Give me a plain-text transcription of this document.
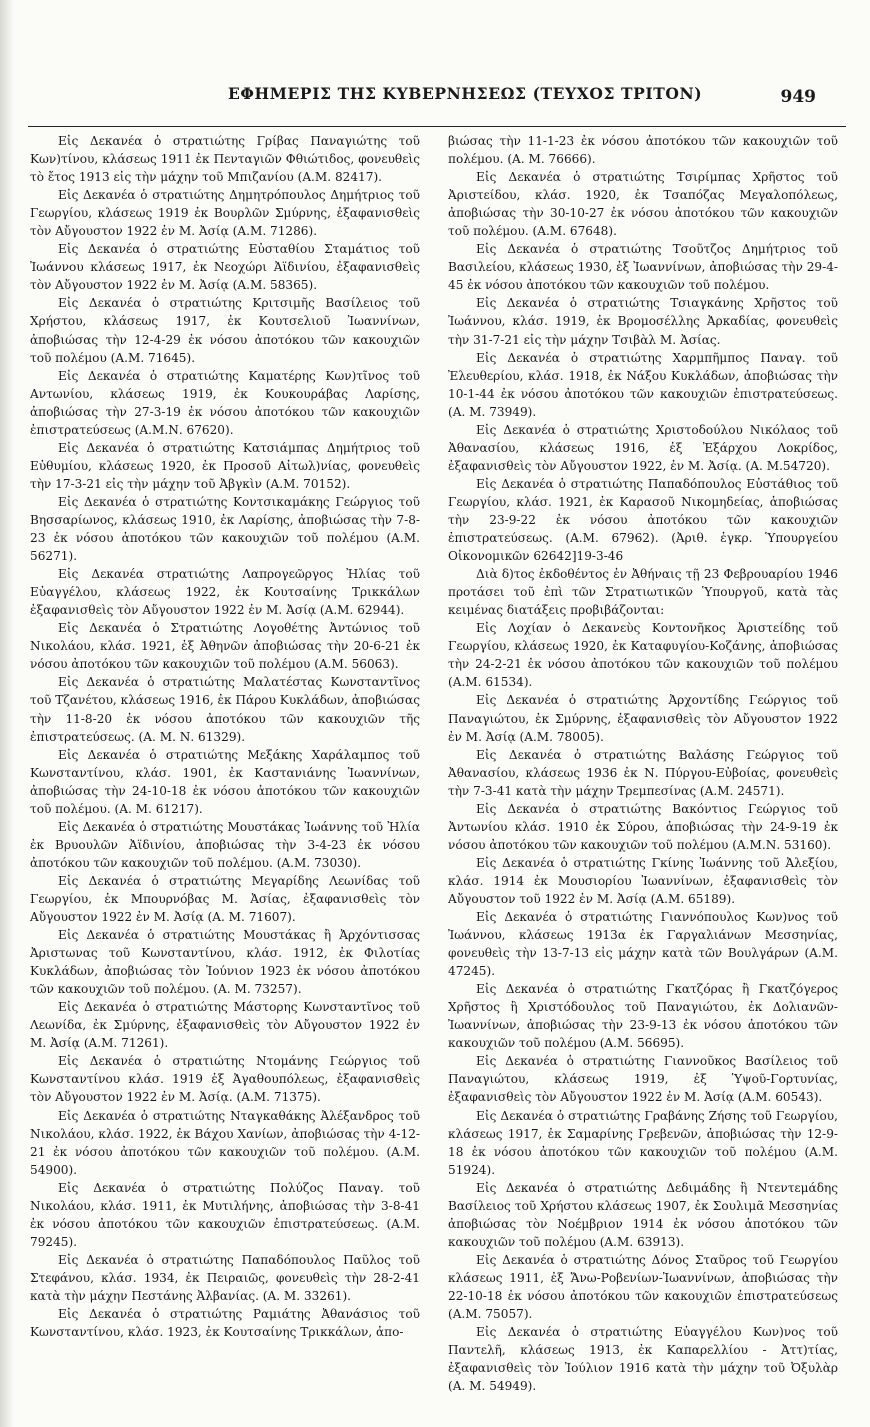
ΕΦΗΜΕΡΙΣ ΤΗΣ ΚΥΒΕΡΝΗΣΕΩΣ (ΤΕΥΧΟΣ ΤΡΙΤΟΝ)	949

Εἰς Δεκανέα ὁ στρατιώτης Γρίβας Παναγιώτης τοῦ Κων)τίνου, κλάσεως 1911 ἐκ Πενταγιῶν Φθιώτιδος, φονευθεὶς τὸ ἔτος 1913 εἰς τὴν μάχην τοῦ Μπιζανίου (Α.Μ. 82417).

Εἰς Δεκανέα ὁ στρατιώτης Δημητρόπουλος Δημήτριος τοῦ Γεωργίου, κλάσεως 1919 ἐκ Βουρλῶν Σμύρνης, ἐξαφανισθεὶς τὸν Αὔγουστον 1922 ἐν Μ. Ἀσίᾳ (Α.Μ. 71286).

Εἰς Δεκανέα ὁ στρατιώτης Εὐσταθίου Σταμάτιος τοῦ Ἰωάννου κλάσεως 1917, ἐκ Νεοχώρι Ἀϊδινίου, ἐξαφανισθεὶς τὸν Αὔγουστον 1922 ἐν Μ. Ἀσίᾳ (Α.Μ. 58365).

Εἰς Δεκανέα ὁ στρατιώτης Κριτσιμῆς Βασίλειος τοῦ Χρήστου, κλάσεως 1917, ἐκ Κουτσελιοῦ Ἰωαννίνων, ἀποβιώσας τὴν 12-4-29 ἐκ νόσου ἀποτόκου τῶν κακουχιῶν τοῦ πολέμου (Α.Μ. 71645).

Εἰς Δεκανέα ὁ στρατιώτης Καματέρης Κων)τῖνος τοῦ Αντωνίου, κλάσεως 1919, ἐκ Κουκουράβας Λαρίσης, ἀποβιώσας τὴν 27-3-19 ἐκ νόσου ἀποτόκου τῶν κακουχιῶν ἐπιστρατεύσεως (Α.Μ.Ν. 67620).

Εἰς Δεκανέα ὁ στρατιώτης Κατσιάμπας Δημήτριος τοῦ Εὐθυμίου, κλάσεως 1920, ἐκ Προσοῦ Αἰτωλ)νίας, φονευθεὶς τὴν 17-3-21 εἰς τὴν μάχην τοῦ Ἀβγκὶν (Α.Μ. 70152).

Εἰς Δεκανέα ὁ στρατιώτης Κοντσικαμάκης Γεώργιος τοῦ Βησσαρίωνος, κλάσεως 1910, ἐκ Λαρίσης, ἀποβιώσας τὴν 7-8-23 ἐκ νόσου ἀποτόκου τῶν κακουχιῶν τοῦ πολέμου (Α.Μ. 56271).

Εἰς Δεκανέα στρατιώτης Λαπρογεῶργος Ἠλίας τοῦ Εὐαγγέλου, κλάσεως 1922, ἐκ Κουτσαίνης Τρικκάλων ἐξαφανισθεὶς τὸν Αὔγουστον 1922 ἐν Μ. Ἀσίᾳ (Α.Μ. 62944).

Εἰς Δεκανέα ὁ Στρατιώτης Λογοθέτης Ἀντώνιος τοῦ Νικολάου, κλάσ. 1921, ἐξ Ἀθηνῶν ἀποβιώσας τὴν 20-6-21 ἐκ νόσου ἀποτόκου τῶν κακουχιῶν τοῦ πολέμου (Α.Μ. 56063).

Εἰς Δεκανέα ὁ στρατιώτης Μαλατέστας Κωνσταντῖνος τοῦ Τζανέτου, κλάσεως 1916, ἐκ Πάρου Κυκλάδων, ἀποβιώσας τὴν 11-8-20 ἐκ νόσου ἀποτόκου τῶν κακουχιῶν τῆς ἐπιστρατεύσεως. (Α. Μ. Ν. 61329).

Εἰς Δεκανέα ὁ στρατιώτης Μεξάκης Χαράλαμπος τοῦ Κωνσταντίνου, κλάσ. 1901, ἐκ Καστανιάνης Ἰωαννίνων, ἀποβιώσας τὴν 24-10-18 ἐκ νόσου ἀποτόκου τῶν κακουχιῶν τοῦ πολέμου. (Α. Μ. 61217).

Εἰς Δεκανέα ὁ στρατιώτης Μουστάκας Ἰωάννης τοῦ Ἠλία ἐκ Βρυουλῶν Ἀϊδινίου, ἀποβιώσας τὴν 3-4-23 ἐκ νόσου ἀποτόκου τῶν κακουχιῶν τοῦ πολέμου. (Α.Μ. 73030).

Εἰς Δεκανέα ὁ στρατιώτης Μεγαρίδης Λεωνίδας τοῦ Γεωργίου, ἐκ Μπουρνόβας Μ. Ἀσίας, ἐξαφανισθεὶς τὸν Αὔγουστον 1922 ἐν Μ. Ἀσίᾳ (Α. Μ. 71607).

Εἰς Δεκανέα ὁ στρατιώτης Μουστάκας ἢ Ἀρχόντισσας Ἀριστωνας τοῦ Κωνσταντίνου, κλάσ. 1912, ἐκ Φιλοτίας Κυκλάδων, ἀποβιώσας τὸν Ἰούνιον 1923 ἐκ νόσου ἀποτόκου τῶν κακουχιῶν τοῦ πολέμου. (Α. Μ. 73257).

Εἰς Δεκανέα ὁ στρατιώτης Μάστορης Κωνσταντῖνος τοῦ Λεωνίδα, ἐκ Σμύρνης, ἐξαφανισθεὶς τὸν Αὔγουστον 1922 ἐν Μ. Ἀσίᾳ (Α.Μ. 71261).

Εἰς Δεκανέα ὁ στρατιώτης Ντομάνης Γεώργιος τοῦ Κωνσταντίνου κλάσ. 1919 ἐξ Ἀγαθουπόλεως, ἐξαφανισθεὶς τὸν Αὔγουστον 1922 ἐν Μ. Ἀσίᾳ. (Α.Μ. 71375).

Εἰς Δεκανέα ὁ στρατιώτης Νταγκαθάκης Ἀλέξανδρος τοῦ Νικολάου, κλάσ. 1922, ἐκ Βάχου Χανίων, ἀποβιώσας τὴν 4-12-21 ἐκ νόσου ἀποτόκου τῶν κακουχιῶν τοῦ πολέμου. (Α.Μ. 54900).

Εἰς Δεκανέα ὁ στρατιώτης Πολύζος Παναγ. τοῦ Νικολάου, κλάσ. 1911, ἐκ Μυτιλήνης, ἀποβιώσας τὴν 3-8-41 ἐκ νόσου ἀποτόκου τῶν κακουχιῶν ἐπιστρατεύσεως. (Α.Μ. 79245).

Εἰς Δεκανέα ὁ στρατιώτης Παπαδόπουλος Παῦλος τοῦ Στεφάνου, κλάσ. 1934, ἐκ Πειραιῶς, φονευθεὶς τὴν 28-2-41 κατὰ τὴν μάχην Πεστάνης Ἀλβανίας. (Α. Μ. 33261).

Εἰς Δεκανέα ὁ στρατιώτης Ραμιάτης Ἀθανάσιος τοῦ Κωνσταντίνου, κλάσ. 1923, ἐκ Κουτσαίνης Τρικκάλων, ἀπο-

βιώσας τὴν 11-1-23 ἐκ νόσου ἀποτόκου τῶν κακουχιῶν τοῦ πολέμου. (Α. Μ. 76666).

Εἰς Δεκανέα ὁ στρατιώτης Τσιρίμπας Χρῆστος τοῦ Ἀριστείδου, κλάσ. 1920, ἐκ Τσαπόζας Μεγαλοπόλεως, ἀποβιώσας τὴν 30-10-27 ἐκ νόσου ἀποτόκου τῶν κακουχιῶν τοῦ πολέμου. (Α.Μ. 67648).

Εἰς Δεκανέα ὁ στρατιώτης Τσοῦτζος Δημήτριος τοῦ Βασιλείου, κλάσεως 1930, ἐξ Ἰωαννίνων, ἀποβιώσας τὴν 29-4-45 ἐκ νόσου ἀποτόκου τῶν κακουχιῶν τοῦ πολέμου.

Εἰς Δεκανέα ὁ στρατιώτης Τσιαγκάνης Χρῆστος τοῦ Ἰωάννου, κλάσ. 1919, ἐκ Βρομοσέλλης Ἀρκαδίας, φονευθεὶς τὴν 31-7-21 εἰς τὴν μάχην Τσιβὰλ Μ. Ἀσίας.

Εἰς Δεκανέα ὁ στρατιώτης Χαρμπῆμπος Παναγ. τοῦ Ἐλευθερίου, κλάσ. 1918, ἐκ Νάξου Κυκλάδων, ἀποβιώσας τὴν 10-1-44 ἐκ νόσου ἀποτόκου τῶν κακουχιῶν ἐπιστρατεύσεως. (Α. Μ. 73949).

Εἰς Δεκανέα ὁ στρατιώτης Χριστοδούλου Νικόλαος τοῦ Ἀθανασίου, κλάσεως 1916, ἐξ Ἐξάρχου Λοκρίδος, ἐξαφανισθεὶς τὸν Αὔγουστον 1922, ἐν Μ. Ἀσίᾳ. (Α. Μ.54720).

Εἰς Δεκανέα ὁ στρατιώτης Παπαδόπουλος Εὐστάθιος τοῦ Γεωργίου, κλάσ. 1921, ἐκ Καρασοῦ Νικομηδείας, ἀποβιώσας τὴν 23-9-22 ἐκ νόσου ἀποτόκου τῶν κακουχιῶν ἐπιστρατεύσεως. (Α.Μ. 67962). (Ἀριθ. ἐγκρ. Ὑπουργείου Οἰκονομικῶν 62642]19-3-46

Διὰ δ)τος ἐκδοθέντος ἐν Ἀθήναις τῇ 23 Φεβρουαρίου 1946 προτάσει τοῦ ἐπὶ τῶν Στρατιωτικῶν Ὑπουργοῦ, κατὰ τὰς κειμένας διατάξεις προβιβάζονται:

Εἰς Λοχίαν ὁ Δεκανεὺς Κοντονῆκος Ἀριστείδης τοῦ Γεωργίου, κλάσεως 1920, ἐκ Καταφυγίου-Κοζάνης, ἀποβιώσας τὴν 24-2-21 ἐκ νόσου ἀποτόκου τῶν κακουχιῶν τοῦ πολέμου (Α.Μ. 61534).

Εἰς Δεκανέα ὁ στρατιώτης Ἀρχοντίδης Γεώργιος τοῦ Παναγιώτου, ἐκ Σμύρνης, ἐξαφανισθεὶς τὸν Αὔγουστον 1922 ἐν Μ. Ἀσίᾳ (Α.Μ. 78005).

Εἰς Δεκανέα ὁ στρατιώτης Βαλάσης Γεώργιος τοῦ Ἀθανασίου, κλάσεως 1936 ἐκ Ν. Πύργου-Εὐβοίας, φονευθεὶς τὴν 7-3-41 κατὰ τὴν μάχην Τρεμπεσίνας (Α.Μ. 24571).

Εἰς Δεκανέα ὁ στρατιώτης Βακόντιος Γεώργιος τοῦ Ἀντωνίου κλάσ. 1910 ἐκ Σύρου, ἀποβιώσας τὴν 24-9-19 ἐκ νόσου ἀποτόκου τῶν κακουχιῶν τοῦ πολέμου (Α.Μ.Ν. 53160).

Εἰς Δεκανέα ὁ στρατιώτης Γκίνης Ἰωάννης τοῦ Ἀλεξίου, κλάσ. 1914 ἐκ Μουσιορίου Ἰωαννίνων, ἐξαφανισθεὶς τὸν Αὔγουστον τοῦ 1922 ἐν Μ. Ἀσίᾳ (Α.Μ. 65189).

Εἰς Δεκανέα ὁ στρατιώτης Γιαννόπουλος Κων)νος τοῦ Ἰωάννου, κλάσεως 1913α ἐκ Γαργαλιάνων Μεσσηνίας, φονευθεὶς τὴν 13-7-13 εἰς μάχην κατὰ τῶν Βουλγάρων (Α.Μ. 47245).

Εἰς Δεκανέα ὁ στρατιώτης Γκατζόρας ἢ Γκατζόγερος Χρῆστος ἢ Χριστόδουλος τοῦ Παναγιώτου, ἐκ Δολιανῶν-Ἰωαννίνων, ἀποβιώσας τὴν 23-9-13 ἐκ νόσου ἀποτόκου τῶν κακουχιῶν τοῦ πολέμου (Α.Μ. 56695).

Εἰς Δεκανέα ὁ στρατιώτης Γιαννοῦκος Βασίλειος τοῦ Παναγιώτου, κλάσεως 1919, ἐξ Ὑψοῦ-Γορτυνίας, ἐξαφανισθεὶς τὸν Αὔγουστον 1922 ἐν Μ. Ἀσίᾳ (Α.Μ. 60543).

Εἰς Δεκανέα ὁ στρατιώτης Γραβάνης Ζήσης τοῦ Γεωργίου, κλάσεως 1917, ἐκ Σαμαρίνης Γρεβενῶν, ἀποβιώσας τὴν 12-9-18 ἐκ νόσου ἀποτόκου τῶν κακουχιῶν τοῦ πολέμου (Α.Μ. 51924).

Εἰς Δεκανέα ὁ στρατιώτης Δεδιμάδης ἢ Ντεντεμάδης Βασίλειος τοῦ Χρήστου κλάσεως 1907, ἐκ Σουλιμᾶ Μεσσηνίας ἀποβιώσας τὸν Νοέμβριον 1914 ἐκ νόσου ἀποτόκου τῶν κακουχιῶν τοῦ πολέμου (Α.Μ. 63913).

Εἰς Δεκανέα ὁ στρατιώτης Δόνος Σταῦρος τοῦ Γεωργίου κλάσεως 1911, ἐξ Ἄνω-Ροβενίων-Ἰωαννίνων, ἀποβιώσας τὴν 22-10-18 ἐκ νόσου ἀποτόκου τῶν κακουχιῶν ἐπιστρατεύσεως (Α.Μ. 75057).

Εἰς Δεκανέα ὁ στρατιώτης Εὐαγγέλου Κων)νος τοῦ Παντελῆ, κλάσεως 1913, ἐκ Καπαρελλίου - Ἀττ)τίας, ἐξαφανισθεὶς τὸν Ἰούλιον 1916 κατὰ τὴν μάχην τοῦ Ὀξυλὰρ (Α. Μ. 54949).
